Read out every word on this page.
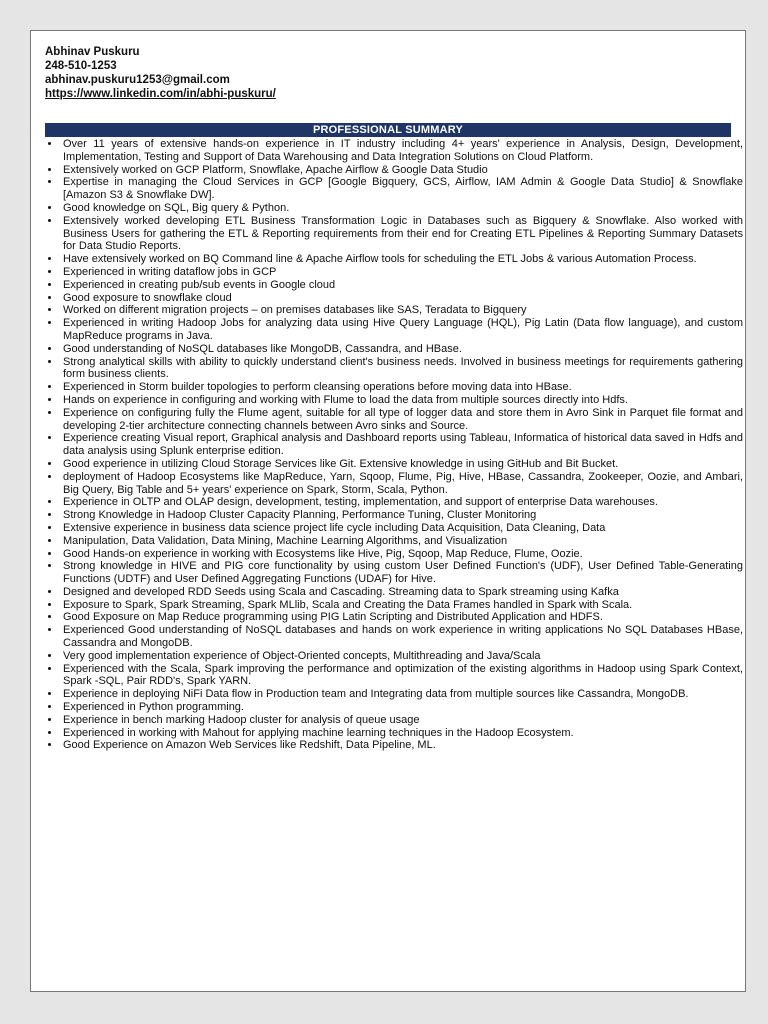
Abhinav Puskuru
248-510-1253
abhinav.puskuru1253@gmail.com
https://www.linkedin.com/in/abhi-puskuru/
PROFESSIONAL SUMMARY
• Over 11 years of extensive hands-on experience in IT industry including 4+ years' experience in Analysis, Design, Development, Implementation, Testing and Support of Data Warehousing and Data Integration Solutions on Cloud Platform.
• Extensively worked on GCP Platform, Snowflake, Apache Airflow & Google Data Studio
• Expertise in managing the Cloud Services in GCP [Google Bigquery, GCS, Airflow, IAM Admin & Google Data Studio] & Snowflake [Amazon S3 & Snowflake DW].
• Good knowledge on SQL, Big query & Python.
• Extensively worked developing ETL Business Transformation Logic in Databases such as Bigquery & Snowflake. Also worked with Business Users for gathering the ETL & Reporting requirements from their end for Creating ETL Pipelines & Reporting Summary Datasets for Data Studio Reports.
• Have extensively worked on BQ Command line & Apache Airflow tools for scheduling the ETL Jobs & various Automation Process.
• Experienced in writing dataflow jobs in GCP
• Experienced in creating pub/sub events in Google cloud
• Good exposure to snowflake cloud
• Worked on different migration projects – on premises databases like SAS, Teradata to Bigquery
• Experienced in writing Hadoop Jobs for analyzing data using Hive Query Language (HQL), Pig Latin (Data flow language), and custom MapReduce programs in Java.
• Good understanding of NoSQL databases like MongoDB, Cassandra, and HBase.
• Strong analytical skills with ability to quickly understand client's business needs. Involved in business meetings for requirements gathering form business clients.
• Experienced in Storm builder topologies to perform cleansing operations before moving data into HBase.
• Hands on experience in configuring and working with Flume to load the data from multiple sources directly into Hdfs.
• Experience on configuring fully the Flume agent, suitable for all type of logger data and store them in Avro Sink in Parquet file format and developing 2-tier architecture connecting channels between Avro sinks and Source.
• Experience creating Visual report, Graphical analysis and Dashboard reports using Tableau, Informatica of historical data saved in Hdfs and data analysis using Splunk enterprise edition.
• Good experience in utilizing Cloud Storage Services like Git. Extensive knowledge in using GitHub and Bit Bucket.
• deployment of Hadoop Ecosystems like MapReduce, Yarn, Sqoop, Flume, Pig, Hive, HBase, Cassandra, Zookeeper, Oozie, and Ambari, Big Query, Big Table and 5+ years' experience on Spark, Storm, Scala, Python.
• Experience in OLTP and OLAP design, development, testing, implementation, and support of enterprise Data warehouses.
• Strong Knowledge in Hadoop Cluster Capacity Planning, Performance Tuning, Cluster Monitoring
• Extensive experience in business data science project life cycle including Data Acquisition, Data Cleaning, Data
• Manipulation, Data Validation, Data Mining, Machine Learning Algorithms, and Visualization
• Good Hands-on experience in working with Ecosystems like Hive, Pig, Sqoop, Map Reduce, Flume, Oozie.
• Strong knowledge in HIVE and PIG core functionality by using custom User Defined Function's (UDF), User Defined Table-Generating Functions (UDTF) and User Defined Aggregating Functions (UDAF) for Hive.
• Designed and developed RDD Seeds using Scala and Cascading. Streaming data to Spark streaming using Kafka
• Exposure to Spark, Spark Streaming, Spark MLlib, Scala and Creating the Data Frames handled in Spark with Scala.
• Good Exposure on Map Reduce programming using PIG Latin Scripting and Distributed Application and HDFS.
• Experienced Good understanding of NoSQL databases and hands on work experience in writing applications No SQL Databases HBase, Cassandra and MongoDB.
• Very good implementation experience of Object-Oriented concepts, Multithreading and Java/Scala
• Experienced with the Scala, Spark improving the performance and optimization of the existing algorithms in Hadoop using Spark Context, Spark -SQL, Pair RDD's, Spark YARN.
• Experience in deploying NiFi Data flow in Production team and Integrating data from multiple sources like Cassandra, MongoDB.
• Experienced in Python programming.
• Experience in bench marking Hadoop cluster for analysis of queue usage
• Experienced in working with Mahout for applying machine learning techniques in the Hadoop Ecosystem.
• Good Experience on Amazon Web Services like Redshift, Data Pipeline, ML.
